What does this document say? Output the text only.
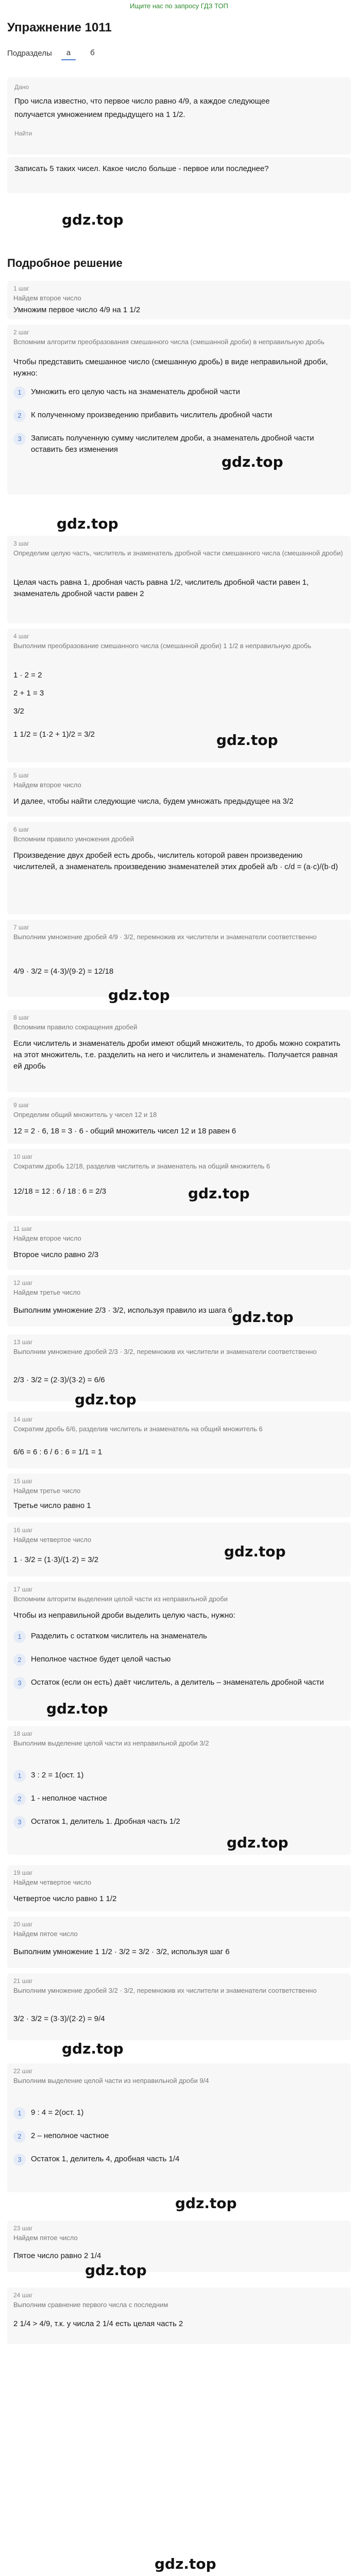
Ищите нас по запросу ГДЗ ТОП
Упражнение 1011
Подразделы	a	б
Дано
Про числа известно, что первое число равно 4/9, а каждое следующее
получается умножением предыдущего на 1 1/2.
Найти
Записать 5 таких чисел. Какое число больше - первое или последнее?
gdz.top
Подробное решение
1 шаг
Найдем второе число
Умножим первое число 4/9 на 1 1/2
2 шаг
Вспомним алгоритм преобразования смешанного числа (смешанной дроби) в неправильную дробь
Чтобы представить смешанное число (смешанную дробь) в виде неправильной дроби, нужно:
1	Умножить его целую часть на знаменатель дробной части
2	К полученному произведению прибавить числитель дробной части
3	Записать полученную сумму числителем дроби, а знаменатель дробной части оставить без изменения
gdz.top
gdz.top
3 шаг
Определим целую часть, числитель и знаменатель дробной части смешанного числа (смешанной дроби)
Целая часть равна 1, дробная часть равна 1/2, числитель дробной части равен 1, знаменатель дробной части равен 2
4 шаг
Выполним преобразование смешанного числа (смешанной дроби) 1 1/2 в неправильную дробь
1 · 2 = 2
2 + 1 = 3
3/2
1 1/2 = (1·2 + 1)/2 = 3/2	gdz.top
5 шаг
Найдем второе число
И далее, чтобы найти следующие числа, будем умножать предыдущее на 3/2
6 шаг
Вспомним правило умножения дробей
Произведение двух дробей есть дробь, числитель которой равен произведению числителей, а знаменатель произведению знаменателей этих дробей a/b · c/d = (a·c)/(b·d)
7 шаг
Выполним умножение дробей 4/9 · 3/2, перемножив их числители и знаменатели соответственно
4/9 · 3/2 = (4·3)/(9·2) = 12/18
gdz.top
8 шаг
Вспомним правило сокращения дробей
Если числитель и знаменатель дроби имеют общий множитель, то дробь можно сократить на этот множитель, т.е. разделить на него и числитель и знаменатель. Получается равная ей дробь
9 шаг
Определим общий множитель у чисел 12 и 18
12 = 2 · 6, 18 = 3 · 6 - общий множитель чисел 12 и 18 равен 6
10 шаг
Сократим дробь 12/18, разделив числитель и знаменатель на общий множитель 6
12/18 = 12 : 6 / 18 : 6 = 2/3	gdz.top
11 шаг
Найдем второе число
Второе число равно 2/3
12 шаг
Найдем третье число
Выполним умножение 2/3 · 3/2, используя правило из шага 6
gdz.top
13 шаг
Выполним умножение дробей 2/3 · 3/2, перемножив их числители и знаменатели соответственно
2/3 · 3/2 = (2·3)/(3·2) = 6/6
gdz.top
14 шаг
Сократим дробь 6/6, разделив числитель и знаменатель на общий множитель 6
6/6 = 6 : 6 / 6 : 6 = 1/1 = 1
15 шаг
Найдем третье число
Третье число равно 1
16 шаг
Найдем четвертое число
1 · 3/2 = (1·3)/(1·2) = 3/2	gdz.top
17 шаг
Вспомним алгоритм выделения целой части из неправильной дроби
Чтобы из неправильной дроби выделить целую часть, нужно:
1	Разделить с остатком числитель на знаменатель
2	Неполное частное будет целой частью
3	Остаток (если он есть) даёт числитель, а делитель – знаменатель дробной части
gdz.top
18 шаг
Выполним выделение целой части из неправильной дроби 3/2
1	3 : 2 = 1(ост. 1)
2	1 - неполное частное
3	Остаток 1, делитель 1. Дробная часть 1/2
gdz.top
19 шаг
Найдем четвертое число
Четвертое число равно 1 1/2
20 шаг
Найдем пятое число
Выполним умножение 1 1/2 · 3/2 = 3/2 · 3/2, используя шаг 6
21 шаг
Выполним умножение дробей 3/2 · 3/2, перемножив их числители и знаменатели соответственно
3/2 · 3/2 = (3·3)/(2·2) = 9/4
gdz.top
22 шаг
Выполним выделение целой части из неправильной дроби 9/4
1	9 : 4 = 2(ост. 1)
2	2 – неполное частное
3	Остаток 1, делитель 4, дробная часть 1/4
gdz.top
23 шаг
Найдем пятое число
Пятое число равно 2 1/4
gdz.top
24 шаг
Выполним сравнение первого числа с последним
2 1/4 > 4/9, т.к. у числа 2 1/4 есть целая часть 2
gdz.top
